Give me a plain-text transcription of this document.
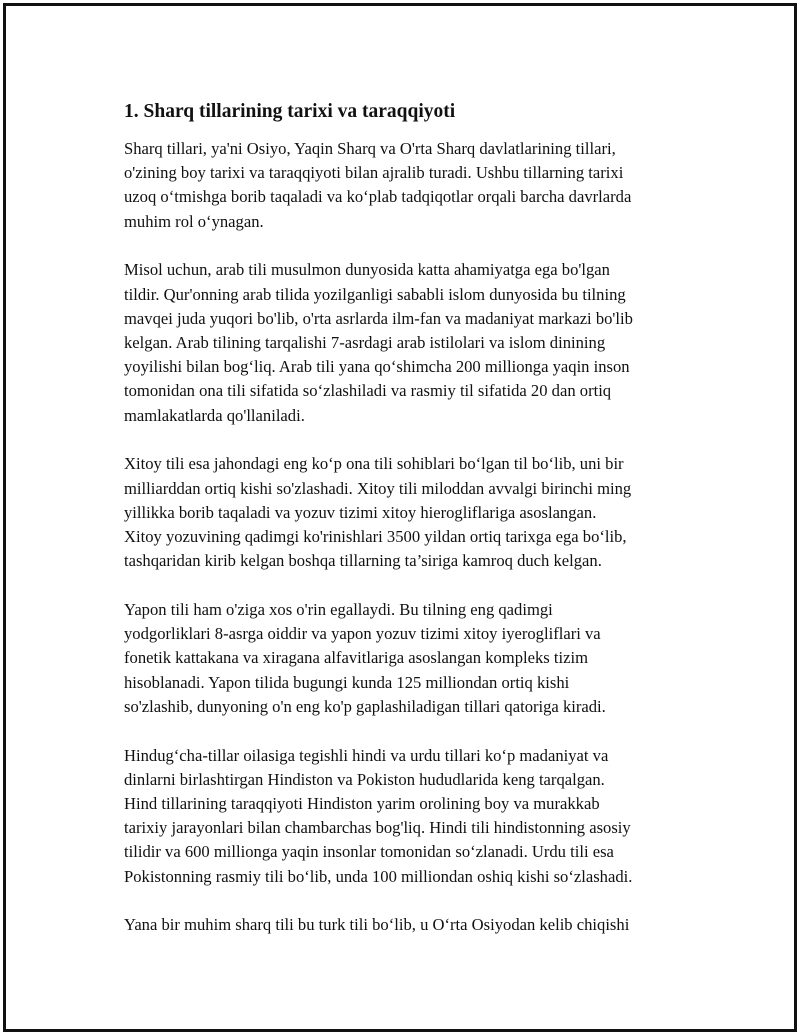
1. Sharq tillarining tarixi va taraqqiyoti

Sharq tillari, ya'ni Osiyo, Yaqin Sharq va O'rta Sharq davlatlarining tillari,
o'zining boy tarixi va taraqqiyoti bilan ajralib turadi. Ushbu tillarning tarixi
uzoq o‘tmishga borib taqaladi va ko‘plab tadqiqotlar orqali barcha davrlarda
muhim rol o‘ynagan.

Misol uchun, arab tili musulmon dunyosida katta ahamiyatga ega bo'lgan
tildir. Qur'onning arab tilida yozilganligi sababli islom dunyosida bu tilning
mavqei juda yuqori bo'lib, o'rta asrlarda ilm-fan va madaniyat markazi bo'lib
kelgan. Arab tilining tarqalishi 7-asrdagi arab istilolari va islom dinining
yoyilishi bilan bog‘liq. Arab tili yana qo‘shimcha 200 millionga yaqin inson
tomonidan ona tili sifatida so‘zlashiladi va rasmiy til sifatida 20 dan ortiq
mamlakatlarda qo'llaniladi.

Xitoy tili esa jahondagi eng ko‘p ona tili sohiblari bo‘lgan til bo‘lib, uni bir
milliarddan ortiq kishi so'zlashadi. Xitoy tili miloddan avvalgi birinchi ming
yillikka borib taqaladi va yozuv tizimi xitoy hierogliflariga asoslangan.
Xitoy yozuvining qadimgi ko'rinishlari 3500 yildan ortiq tarixga ega bo‘lib,
tashqaridan kirib kelgan boshqa tillarning ta’siriga kamroq duch kelgan.

Yapon tili ham o'ziga xos o'rin egallaydi. Bu tilning eng qadimgi
yodgorliklari 8-asrga oiddir va yapon yozuv tizimi xitoy iyerogliflari va
fonetik kattakana va xiragana alfavitlariga asoslangan kompleks tizim
hisoblanadi. Yapon tilida bugungi kunda 125 milliondan ortiq kishi
so'zlashib, dunyoning o'n eng ko'p gaplashiladigan tillari qatoriga kiradi.

Hindug‘cha-tillar oilasiga tegishli hindi va urdu tillari ko‘p madaniyat va
dinlarni birlashtirgan Hindiston va Pokiston hududlarida keng tarqalgan.
Hind tillarining taraqqiyoti Hindiston yarim orolining boy va murakkab
tarixiy jarayonlari bilan chambarchas bog'liq. Hindi tili hindistonning asosiy
tilidir va 600 millionga yaqin insonlar tomonidan so‘zlanadi. Urdu tili esa
Pokistonning rasmiy tili bo‘lib, unda 100 milliondan oshiq kishi so‘zlashadi.

Yana bir muhim sharq tili bu turk tili bo‘lib, u O‘rta Osiyodan kelib chiqishi
